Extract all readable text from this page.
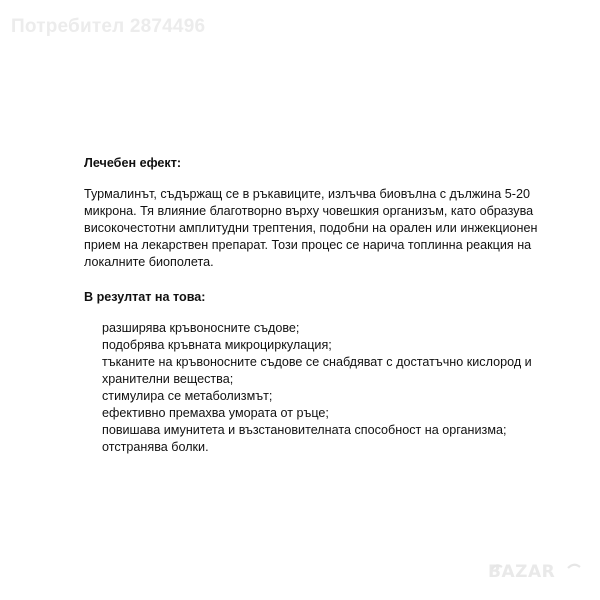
Потребител 2874496
Лечебен ефект:
Турмалинът, съдържащ се в ръкавиците, излъчва биовълна с дължина 5-20
микрона. Тя влияние благотворно върху човешкия организъм, като образува
високочестотни амплитудни трептения, подобни на орален или инжекционен
прием на лекарствен препарат. Този процес се нарича топлинна реакция на
локалните биополета.
В резултат на това:
разширява кръвоносните съдове;
подобрява кръвната микроциркулация;
тъканите на кръвоносните съдове се снабдяват с достатъчно кислород и
хранителни вещества;
стимулира се метаболизмът;
ефективно премахва умората от ръце;
повишава имунитета и възстановителната способност на организма;
отстранява болки.
BAZAR
